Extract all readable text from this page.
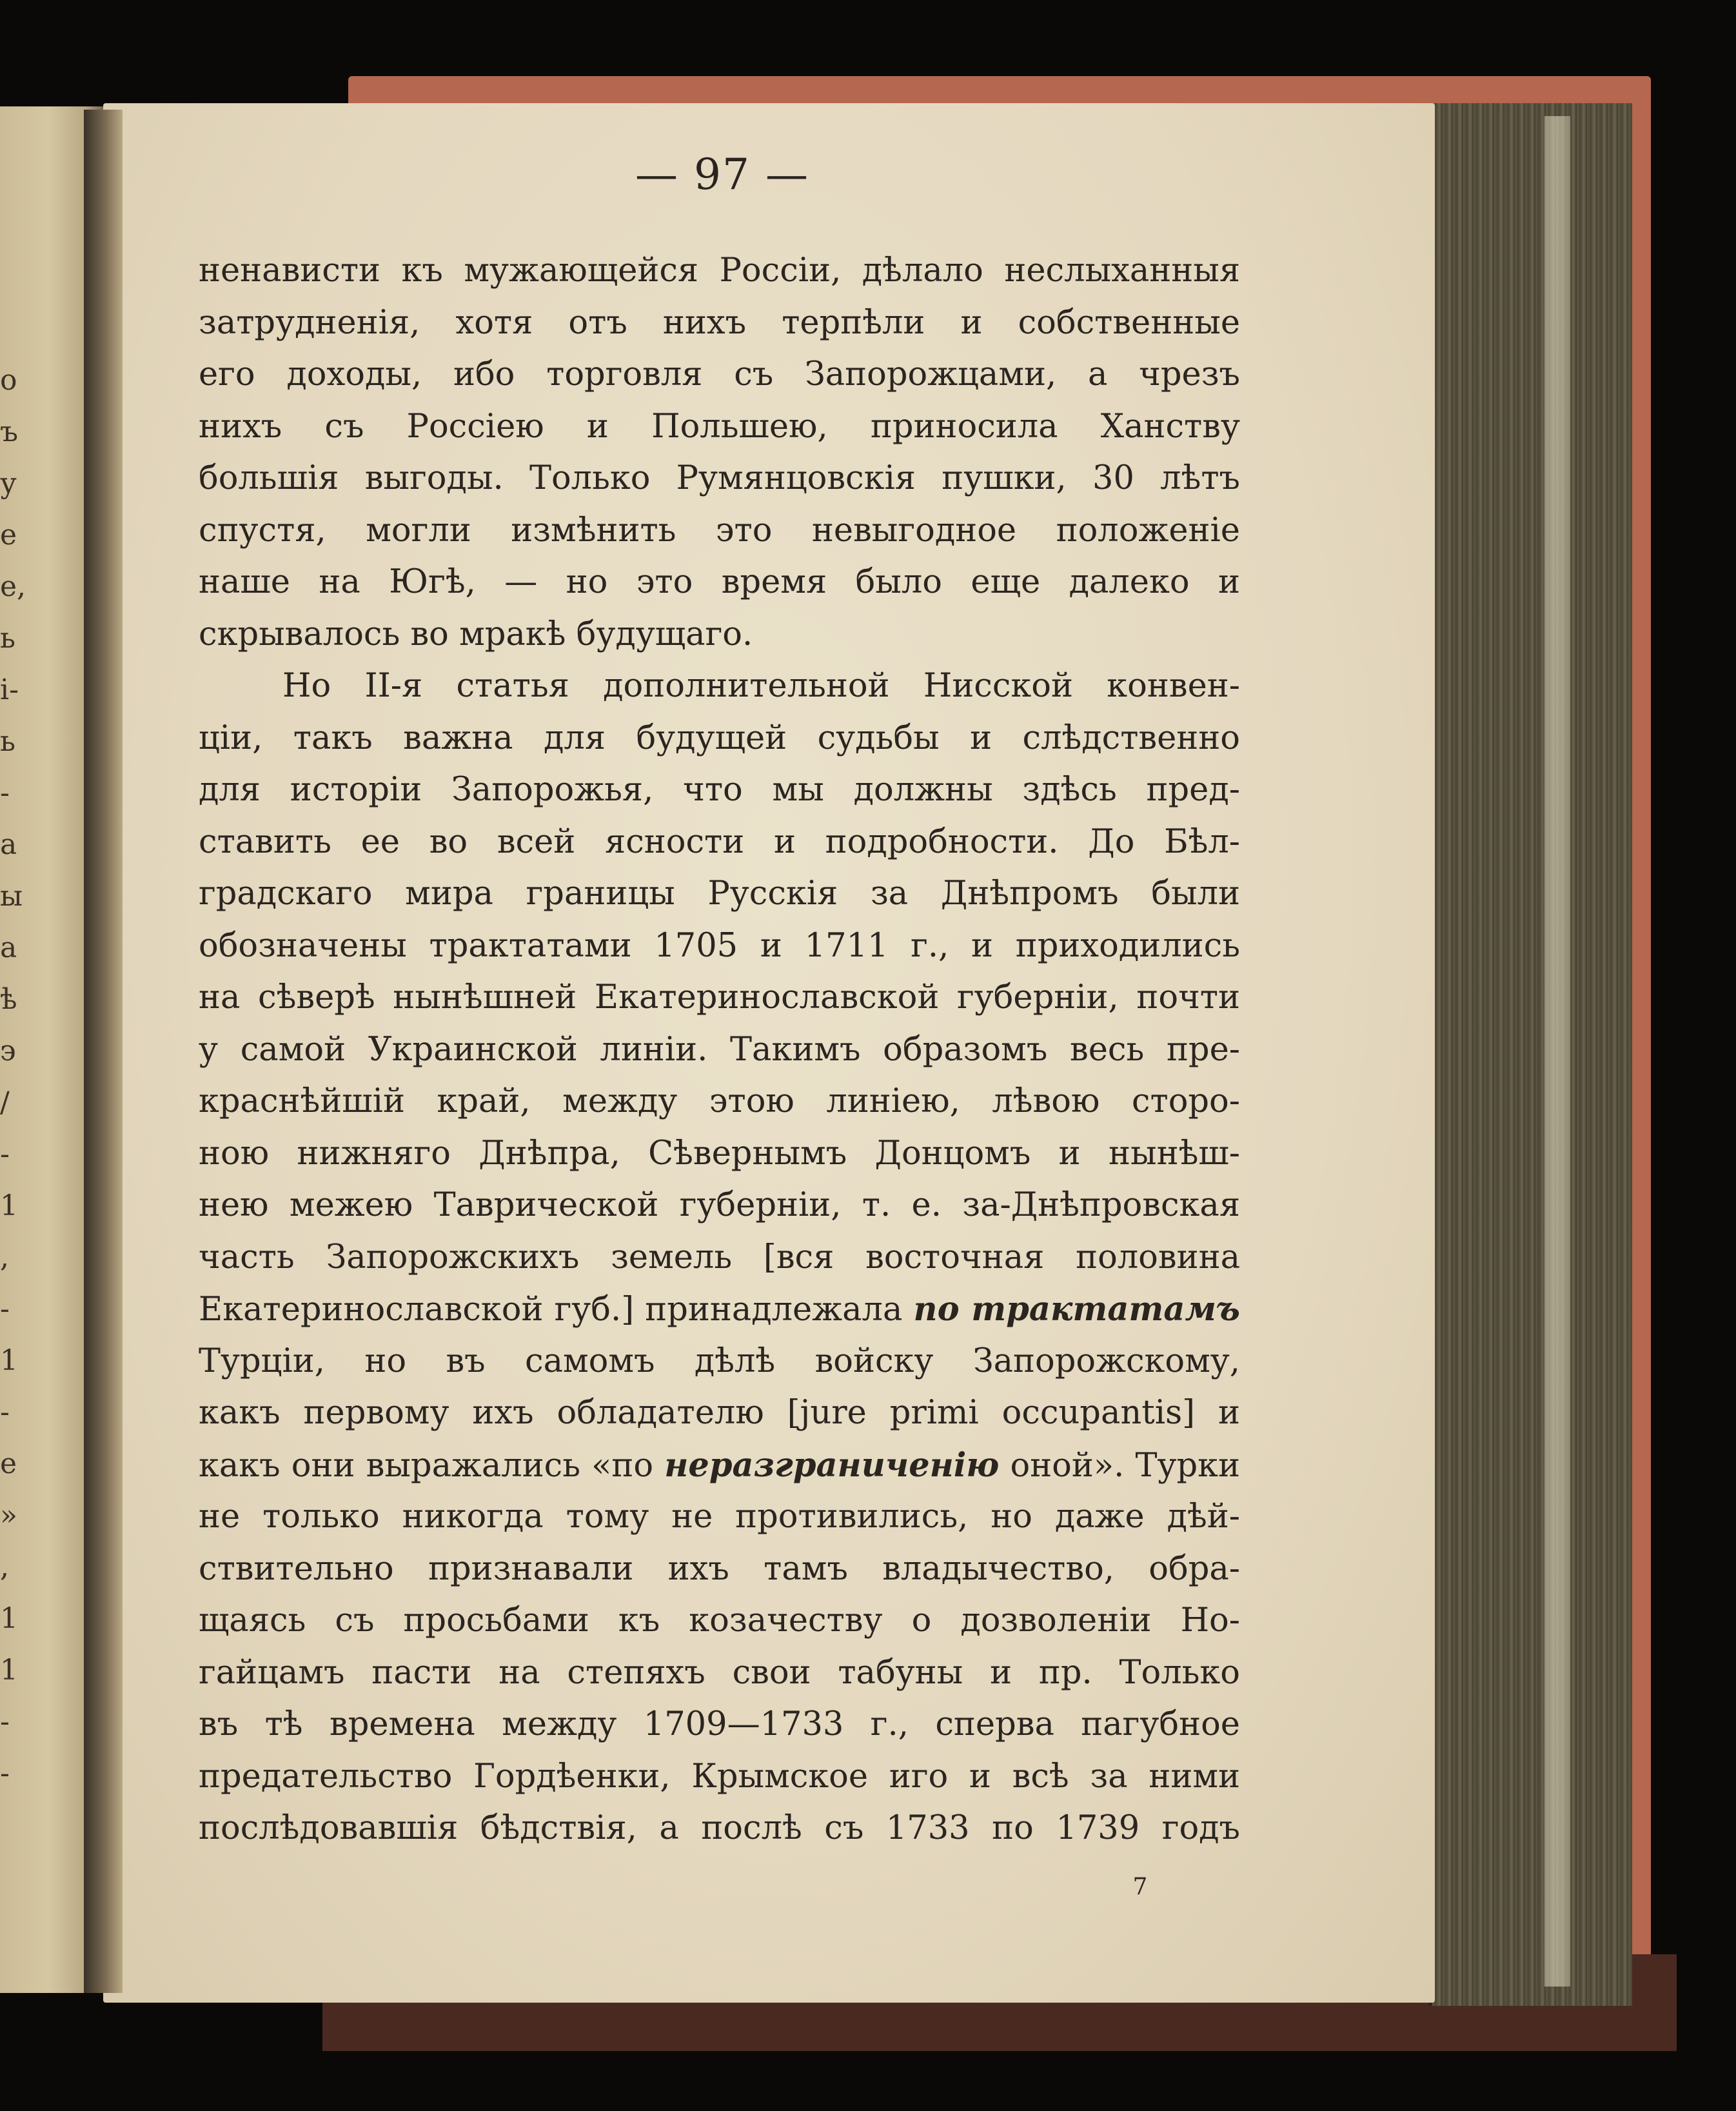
о
ъ
у
е
е,
ь
і-
ь
-
а
ы
а
ѣ
э
/
-
1
,
-
1
-
е
»
,
1
1
-
-
— 97 —
ненависти къ мужающейся Россіи, дѣлало неслыханныя
затрудненія, хотя отъ нихъ терпѣли и собственные
его доходы, ибо торговля съ Запорожцами, а чрезъ
нихъ съ Россіею и Польшею, приносила Ханству
большія выгоды. Только Румянцовскія пушки, 30 лѣтъ
спустя, могли измѣнить это невыгодное положеніе
наше на Югѣ, — но это время было еще далеко и
скрывалось во мракѣ будущаго.
Но II-я статья дополнительной Нисской конвен-
ціи, такъ важна для будущей судьбы и слѣдственно
для исторіи Запорожья, что мы должны здѣсь пред-
ставить ее во всей ясности и подробности. До Бѣл-
градскаго мира границы Русскія за Днѣпромъ были
обозначены трактатами 1705 и 1711 г., и приходились
на сѣверѣ нынѣшней Екатеринославской губерніи, почти
у самой Украинской линіи. Такимъ образомъ весь пре-
краснѣйшій край, между этою линіею, лѣвою сторо-
ною нижняго Днѣпра, Сѣвернымъ Донцомъ и нынѣш-
нею межею Таврической губерніи, т. е. за-Днѣпровская
часть Запорожскихъ земель [вся восточная половина
Екатеринославской губ.] принадлежала по трактатамъ
Турціи, но въ самомъ дѣлѣ войску Запорожскому,
какъ первому ихъ обладателю [jure primi occupantis] и
какъ они выражались «по неразграниченію оной». Турки
не только никогда тому не противились, но даже дѣй-
ствительно признавали ихъ тамъ владычество, обра-
щаясь съ просьбами къ козачеству о дозволеніи Но-
гайцамъ пасти на степяхъ свои табуны и пр. Только
въ тѣ времена между 1709—1733 г., сперва пагубное
предательство Гордѣенки, Крымское иго и всѣ за ними
послѣдовавшія бѣдствія, а послѣ съ 1733 по 1739 годъ
7
